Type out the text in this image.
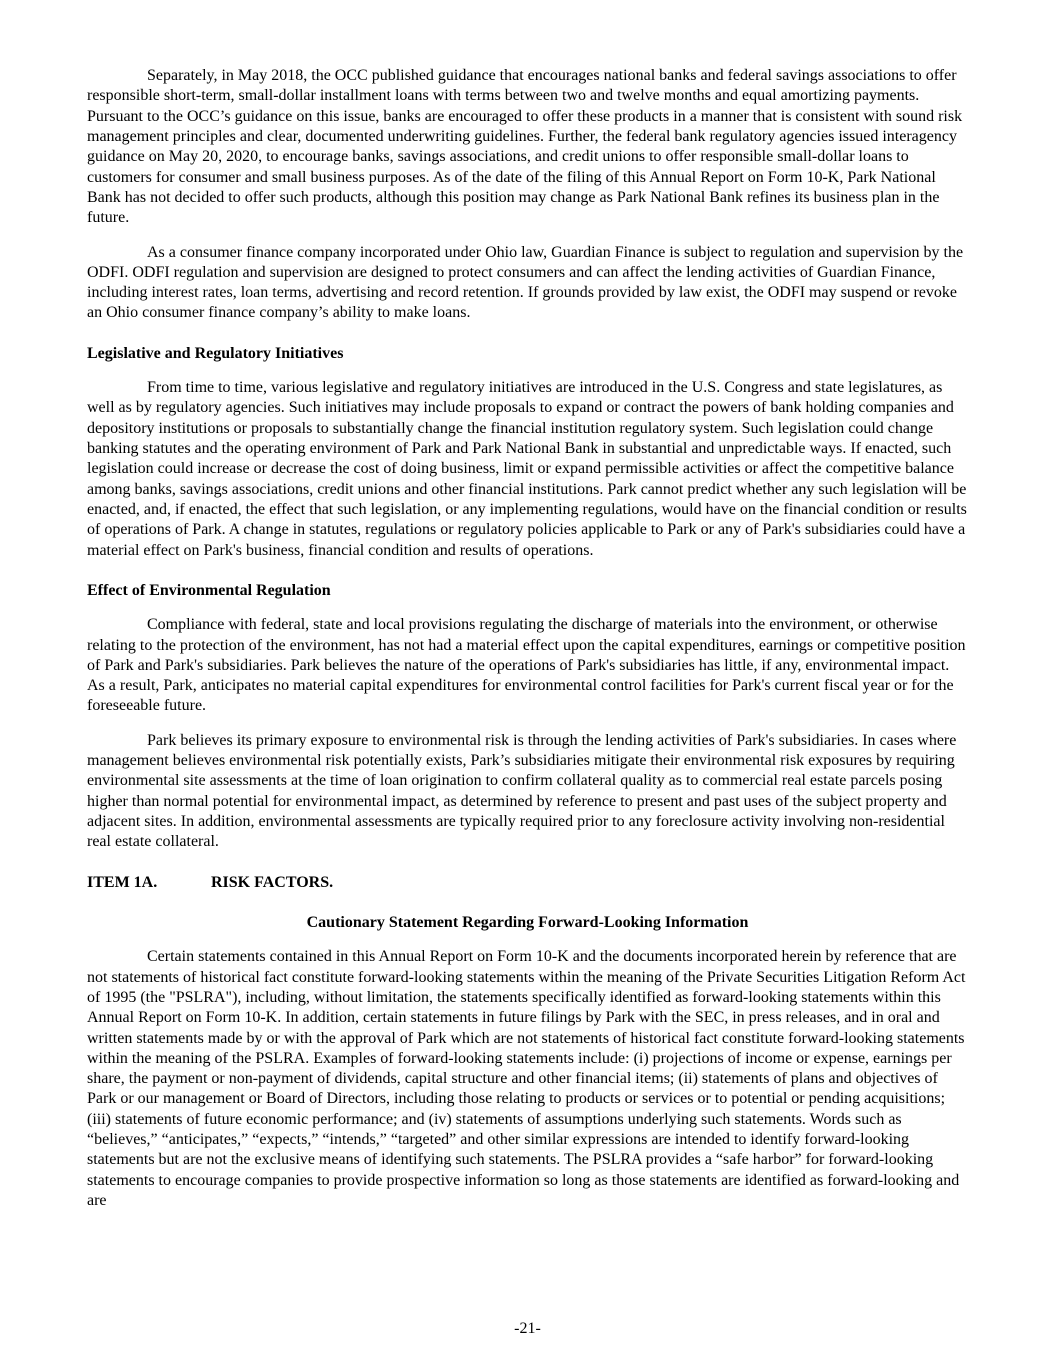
Separately, in May 2018, the OCC published guidance that encourages national banks and federal savings associations to offer responsible short-term, small-dollar installment loans with terms between two and twelve months and equal amortizing payments. Pursuant to the OCC’s guidance on this issue, banks are encouraged to offer these products in a manner that is consistent with sound risk management principles and clear, documented underwriting guidelines. Further, the federal bank regulatory agencies issued interagency guidance on May 20, 2020, to encourage banks, savings associations, and credit unions to offer responsible small-dollar loans to customers for consumer and small business purposes. As of the date of the filing of this Annual Report on Form 10-K, Park National Bank has not decided to offer such products, although this position may change as Park National Bank refines its business plan in the future.

As a consumer finance company incorporated under Ohio law, Guardian Finance is subject to regulation and supervision by the ODFI. ODFI regulation and supervision are designed to protect consumers and can affect the lending activities of Guardian Finance, including interest rates, loan terms, advertising and record retention. If grounds provided by law exist, the ODFI may suspend or revoke an Ohio consumer finance company’s ability to make loans.

Legislative and Regulatory Initiatives

From time to time, various legislative and regulatory initiatives are introduced in the U.S. Congress and state legislatures, as well as by regulatory agencies. Such initiatives may include proposals to expand or contract the powers of bank holding companies and depository institutions or proposals to substantially change the financial institution regulatory system. Such legislation could change banking statutes and the operating environment of Park and Park National Bank in substantial and unpredictable ways. If enacted, such legislation could increase or decrease the cost of doing business, limit or expand permissible activities or affect the competitive balance among banks, savings associations, credit unions and other financial institutions. Park cannot predict whether any such legislation will be enacted, and, if enacted, the effect that such legislation, or any implementing regulations, would have on the financial condition or results of operations of Park. A change in statutes, regulations or regulatory policies applicable to Park or any of Park's subsidiaries could have a material effect on Park's business, financial condition and results of operations.

Effect of Environmental Regulation

Compliance with federal, state and local provisions regulating the discharge of materials into the environment, or otherwise relating to the protection of the environment, has not had a material effect upon the capital expenditures, earnings or competitive position of Park and Park's subsidiaries. Park believes the nature of the operations of Park's subsidiaries has little, if any, environmental impact. As a result, Park, anticipates no material capital expenditures for environmental control facilities for Park's current fiscal year or for the foreseeable future.

Park believes its primary exposure to environmental risk is through the lending activities of Park's subsidiaries. In cases where management believes environmental risk potentially exists, Park’s subsidiaries mitigate their environmental risk exposures by requiring environmental site assessments at the time of loan origination to confirm collateral quality as to commercial real estate parcels posing higher than normal potential for environmental impact, as determined by reference to present and past uses of the subject property and adjacent sites. In addition, environmental assessments are typically required prior to any foreclosure activity involving non-residential real estate collateral.

ITEM 1A.	RISK FACTORS.
Cautionary Statement Regarding Forward-Looking Information

Certain statements contained in this Annual Report on Form 10-K and the documents incorporated herein by reference that are not statements of historical fact constitute forward-looking statements within the meaning of the Private Securities Litigation Reform Act of 1995 (the "PSLRA"), including, without limitation, the statements specifically identified as forward-looking statements within this Annual Report on Form 10-K. In addition, certain statements in future filings by Park with the SEC, in press releases, and in oral and written statements made by or with the approval of Park which are not statements of historical fact constitute forward-looking statements within the meaning of the PSLRA. Examples of forward-looking statements include: (i) projections of income or expense, earnings per share, the payment or non-payment of dividends, capital structure and other financial items; (ii) statements of plans and objectives of Park or our management or Board of Directors, including those relating to products or services or to potential or pending acquisitions; (iii) statements of future economic performance; and (iv) statements of assumptions underlying such statements. Words such as “believes,” “anticipates,” “expects,” “intends,” “targeted” and other similar expressions are intended to identify forward-looking statements but are not the exclusive means of identifying such statements. The PSLRA provides a “safe harbor” for forward-looking statements to encourage companies to provide prospective information so long as those statements are identified as forward-looking and are

-21-
